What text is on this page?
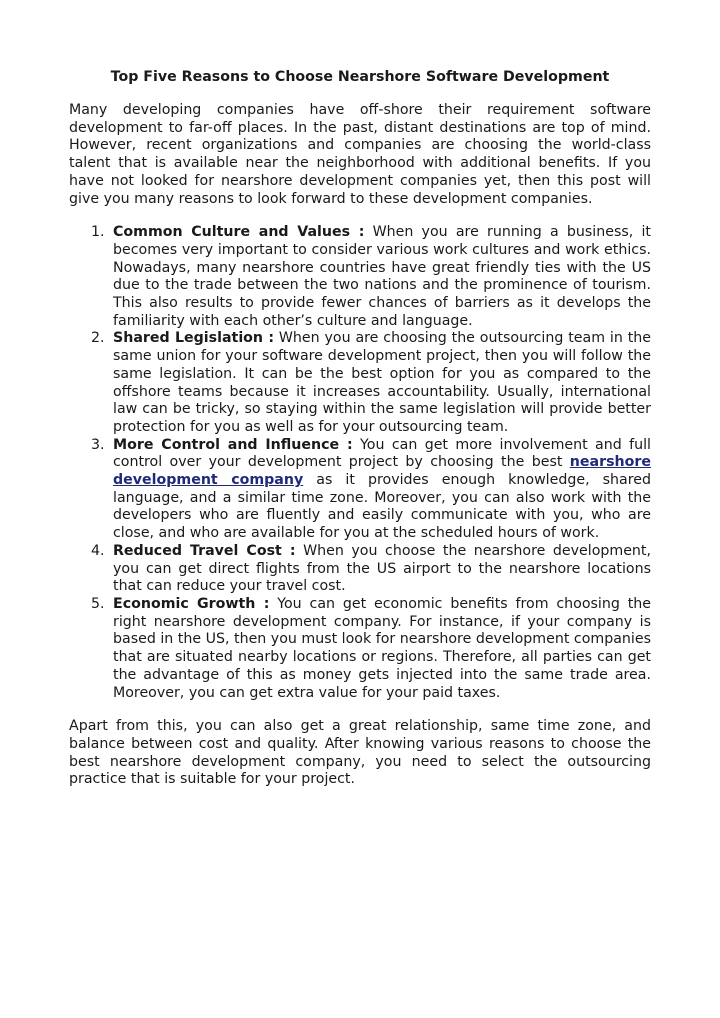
Top Five Reasons to Choose Nearshore Software Development

Many developing companies have off-shore their requirement software development to far-off places. In the past, distant destinations are top of mind. However, recent organizations and companies are choosing the world-class talent that is available near the neighborhood with additional benefits. If you have not looked for nearshore development companies yet, then this post will give you many reasons to look forward to these development companies.

1. Common Culture and Values : When you are running a business, it becomes very important to consider various work cultures and work ethics. Nowadays, many nearshore countries have great friendly ties with the US due to the trade between the two nations and the prominence of tourism. This also results to provide fewer chances of barriers as it develops the familiarity with each other’s culture and language.
2. Shared Legislation : When you are choosing the outsourcing team in the same union for your software development project, then you will follow the same legislation. It can be the best option for you as compared to the offshore teams because it increases accountability. Usually, international law can be tricky, so staying within the same legislation will provide better protection for you as well as for your outsourcing team.
3. More Control and Influence : You can get more involvement and full control over your development project by choosing the best nearshore development company as it provides enough knowledge, shared language, and a similar time zone. Moreover, you can also work with the developers who are fluently and easily communicate with you, who are close, and who are available for you at the scheduled hours of work.
4. Reduced Travel Cost : When you choose the nearshore development, you can get direct flights from the US airport to the nearshore locations that can reduce your travel cost.
5. Economic Growth : You can get economic benefits from choosing the right nearshore development company. For instance, if your company is based in the US, then you must look for nearshore development companies that are situated nearby locations or regions. Therefore, all parties can get the advantage of this as money gets injected into the same trade area. Moreover, you can get extra value for your paid taxes.

Apart from this, you can also get a great relationship, same time zone, and balance between cost and quality. After knowing various reasons to choose the best nearshore development company, you need to select the outsourcing practice that is suitable for your project.
